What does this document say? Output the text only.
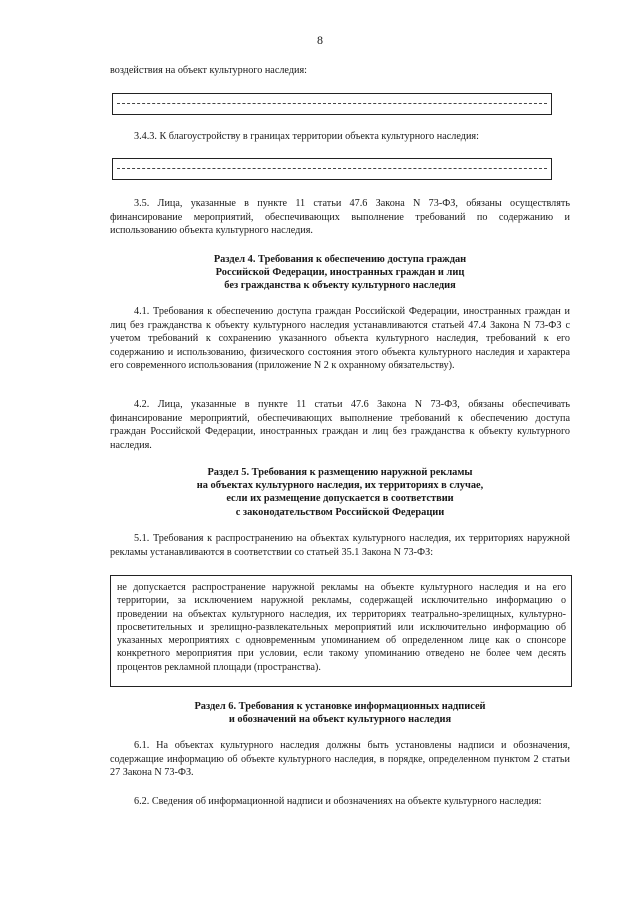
8

воздействия на объект культурного наследия:

3.4.3. К благоустройству в границах территории объекта культурного наследия:

3.5. Лица, указанные в пункте 11 статьи 47.6 Закона N 73-ФЗ, обязаны осуществлять финансирование мероприятий, обеспечивающих выполнение требований по содержанию и использованию объекта культурного наследия.

Раздел 4. Требования к обеспечению доступа граждан
Российской Федерации, иностранных граждан и лиц
без гражданства к объекту культурного наследия

4.1. Требования к обеспечению доступа граждан Российской Федерации, иностранных граждан и лиц без гражданства к объекту культурного наследия устанавливаются статьей 47.4 Закона N 73-ФЗ с учетом требований к сохранению указанного объекта культурного наследия, требований к его содержанию и использованию, физического состояния этого объекта культурного наследия и характера его современного использования (приложение N 2 к охранному обязательству).

4.2. Лица, указанные в пункте 11 статьи 47.6 Закона N 73-ФЗ, обязаны обеспечивать финансирование мероприятий, обеспечивающих выполнение требований к обеспечению доступа граждан Российской Федерации, иностранных граждан и лиц без гражданства к объекту культурного наследия.

Раздел 5. Требования к размещению наружной рекламы
на объектах культурного наследия, их территориях в случае,
если их размещение допускается в соответствии
с законодательством Российской Федерации

5.1. Требования к распространению на объектах культурного наследия, их территориях наружной рекламы устанавливаются в соответствии со статьей 35.1 Закона N 73-ФЗ:

не допускается распространение наружной рекламы на объекте культурного наследия и на его территории, за исключением наружной рекламы, содержащей исключительно информацию о проведении на объектах культурного наследия, их территориях театрально-зрелищных, культурно-просветительных и зрелищно-развлекательных мероприятий или исключительно информацию об указанных мероприятиях с одновременным упоминанием об определенном лице как о спонсоре конкретного мероприятия при условии, если такому упоминанию отведено не более чем десять процентов рекламной площади (пространства).

Раздел 6. Требования к установке информационных надписей
и обозначений на объект культурного наследия

6.1. На объектах культурного наследия должны быть установлены надписи и обозначения, содержащие информацию об объекте культурного наследия, в порядке, определенном пунктом 2 статьи 27 Закона N 73-ФЗ.

6.2. Сведения об информационной надписи и обозначениях на объекте культурного наследия:
